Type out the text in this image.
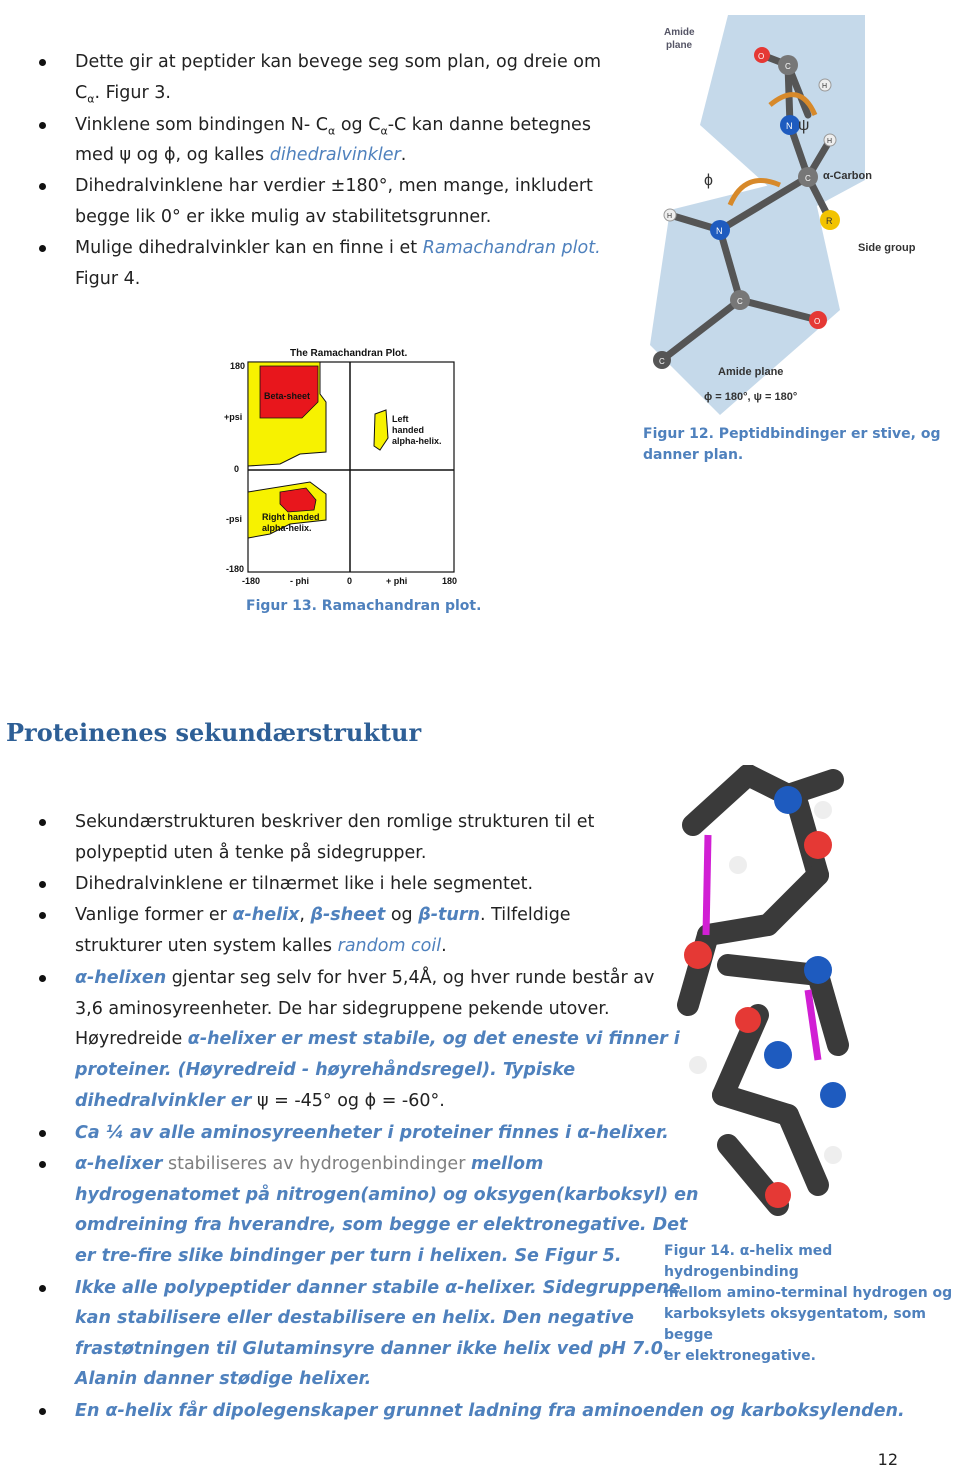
Dette gir at peptider kan bevege seg som plan, og dreie om
$C_\alpha$. Figur 3.
Vinklene som bindingen N- $C_\alpha$ og $C_\alpha-C$ kan danne betegnes
med ψ og ϕ, og kalles dihedralvinkler.
Dihedralvinklene har verdier ±180°, men mange, inkludert
begge lik 0° er ikke mulig av stabilitetsgrunner.
Mulige dihedralvinkler kan en finne i et Ramachandran plot.
Figur 4.
O
C
N
H
C
H
R
N
H
C
O
C
Amide
plane
α-Carbon
Side group
Amide plane
ϕ = 180°, ψ = 180°
ψ
ϕ
Figur 12. Peptidbindinger er stive, og
danner plan.
The Ramachandran Plot.
Beta-sheet
Left
handed
alpha-helix.
Right handed
alpha-helix.
180
+psi
0
-psi
-180
-180	- phi	0	+ phi	180
Figur 13. Ramachandran plot.
Proteinenes sekundærstruktur
Figur 14. α-helix med hydrogenbinding
mellom amino-terminal hydrogen og
karboksylets oksygentatom, som begge
er elektronegative.
Sekundærstrukturen beskriver den romlige strukturen til et
polypeptid uten å tenke på sidegrupper.
Dihedralvinklene er tilnærmet like i hele segmentet.
Vanlige former er α-helix, β-sheet og β-turn. Tilfeldige
strukturer uten system kalles random coil.
α-helixen gjentar seg selv for hver 5,4Å, og hver runde består av
3,6 aminosyreenheter. De har sidegruppene pekende utover.
Høyredreide α-helixer er mest stabile, og det eneste vi finner i
proteiner. (Høyredreid - høyrehåndsregel). Typiske
dihedralvinkler er ψ = -45° og ϕ = -60°.
Ca ¼ av alle aminosyreenheter i proteiner finnes i α-helixer.
α-helixer stabiliseres av hydrogenbindinger mellom
hydrogenatomet på nitrogen(amino) og oksygen(karboksyl) en
omdreining fra hverandre, som begge er elektronegative. Det
er tre-fire slike bindinger per turn i helixen. Se Figur 5.
Ikke alle polypeptider danner stabile α-helixer. Sidegruppene
kan stabilisere eller destabilisere en helix. Den negative
frastøtningen til Glutaminsyre danner ikke helix ved pH 7.0.
Alanin danner stødige helixer.
En α-helix får dipolegenskaper grunnet ladning fra aminoenden og karboksylenden.
12
